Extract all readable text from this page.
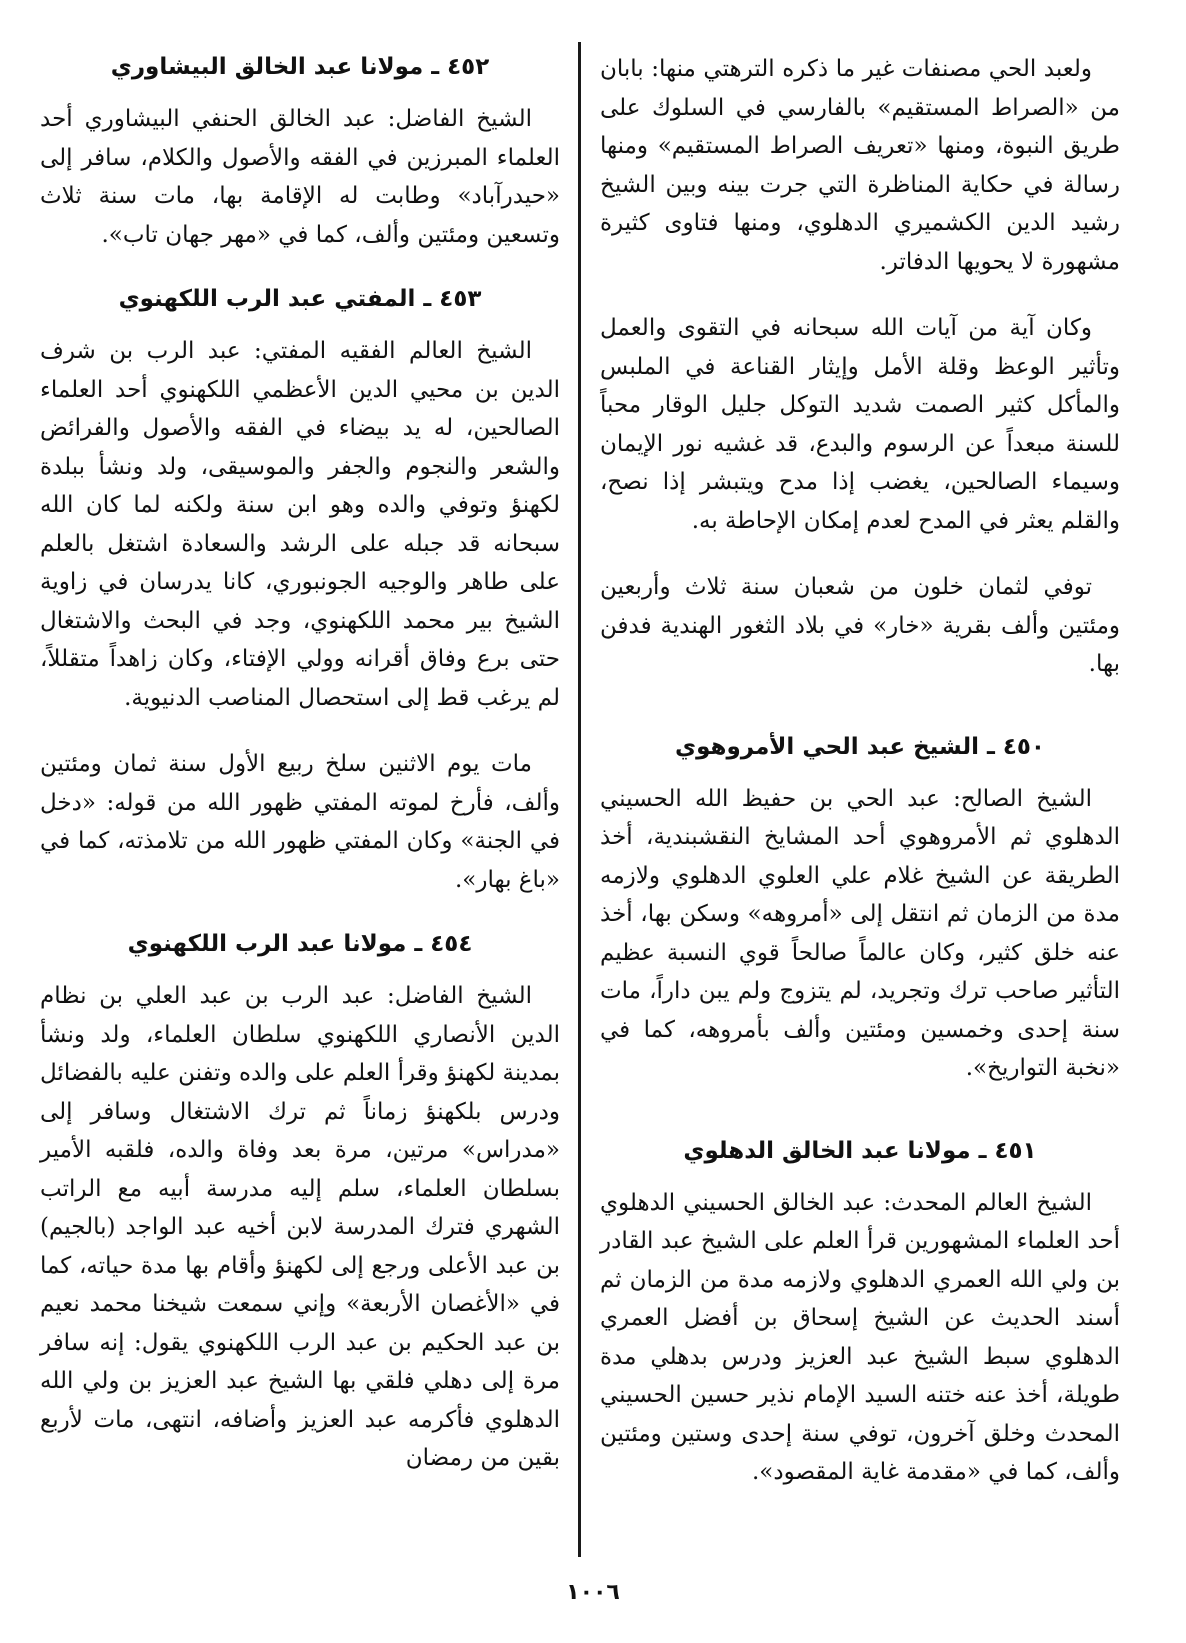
ولعبد الحي مصنفات غير ما ذكره الترهتي منها: بابان من «الصراط المستقيم» بالفارسي في السلوك على طريق النبوة، ومنها «تعريف الصراط المستقيم» ومنها رسالة في حكاية المناظرة التي جرت بينه وبين الشيخ رشيد الدين الكشميري الدهلوي، ومنها فتاوى كثيرة مشهورة لا يحويها الدفاتر.

وكان آية من آيات الله سبحانه في التقوى والعمل وتأثير الوعظ وقلة الأمل وإيثار القناعة في الملبس والمأكل كثير الصمت شديد التوكل جليل الوقار محباً للسنة مبعداً عن الرسوم والبدع، قد غشيه نور الإيمان وسيماء الصالحين، يغضب إذا مدح ويتبشر إذا نصح، والقلم يعثر في المدح لعدم إمكان الإحاطة به.

توفي لثمان خلون من شعبان سنة ثلاث وأربعين ومئتين وألف بقرية «خار» في بلاد الثغور الهندية فدفن بها.

٤٥٠ ـ الشيخ عبد الحي الأمروهوي

الشيخ الصالح: عبد الحي بن حفيظ الله الحسيني الدهلوي ثم الأمروهوي أحد المشايخ النقشبندية، أخذ الطريقة عن الشيخ غلام علي العلوي الدهلوي ولازمه مدة من الزمان ثم انتقل إلى «أمروهه» وسكن بها، أخذ عنه خلق كثير، وكان عالماً صالحاً قوي النسبة عظيم التأثير صاحب ترك وتجريد، لم يتزوج ولم يبن داراً، مات سنة إحدى وخمسين ومئتين وألف بأمروهه، كما في «نخبة التواريخ».

٤٥١ ـ مولانا عبد الخالق الدهلوي

الشيخ العالم المحدث: عبد الخالق الحسيني الدهلوي أحد العلماء المشهورين قرأ العلم على الشيخ عبد القادر بن ولي الله العمري الدهلوي ولازمه مدة من الزمان ثم أسند الحديث عن الشيخ إسحاق بن أفضل العمري الدهلوي سبط الشيخ عبد العزيز ودرس بدهلي مدة طويلة، أخذ عنه ختنه السيد الإمام نذير حسين الحسيني المحدث وخلق آخرون، توفي سنة إحدى وستين ومئتين وألف، كما في «مقدمة غاية المقصود».

٤٥٢ ـ مولانا عبد الخالق البيشاوري

الشيخ الفاضل: عبد الخالق الحنفي البيشاوري أحد العلماء المبرزين في الفقه والأصول والكلام، سافر إلى «حيدرآباد» وطابت له الإقامة بها، مات سنة ثلاث وتسعين ومئتين وألف، كما في «مهر جهان تاب».

٤٥٣ ـ المفتي عبد الرب اللكهنوي

الشيخ العالم الفقيه المفتي: عبد الرب بن شرف الدين بن محيي الدين الأعظمي اللكهنوي أحد العلماء الصالحين، له يد بيضاء في الفقه والأصول والفرائض والشعر والنجوم والجفر والموسيقى، ولد ونشأ ببلدة لكهنؤ وتوفي والده وهو ابن سنة ولكنه لما كان الله سبحانه قد جبله على الرشد والسعادة اشتغل بالعلم على طاهر والوجيه الجونبوري، كانا يدرسان في زاوية الشيخ بير محمد اللكهنوي، وجد في البحث والاشتغال حتى برع وفاق أقرانه وولي الإفتاء، وكان زاهداً متقللاً، لم يرغب قط إلى استحصال المناصب الدنيوية.

مات يوم الاثنين سلخ ربيع الأول سنة ثمان ومئتين وألف، فأرخ لموته المفتي ظهور الله من قوله: «دخل في الجنة» وكان المفتي ظهور الله من تلامذته، كما في «باغ بهار».

٤٥٤ ـ مولانا عبد الرب اللكهنوي

الشيخ الفاضل: عبد الرب بن عبد العلي بن نظام الدين الأنصاري اللكهنوي سلطان العلماء، ولد ونشأ بمدينة لكهنؤ وقرأ العلم على والده وتفنن عليه بالفضائل ودرس بلكهنؤ زماناً ثم ترك الاشتغال وسافر إلى «مدراس» مرتين، مرة بعد وفاة والده، فلقبه الأمير بسلطان العلماء، سلم إليه مدرسة أبيه مع الراتب الشهري فترك المدرسة لابن أخيه عبد الواجد (بالجيم) بن عبد الأعلى ورجع إلى لكهنؤ وأقام بها مدة حياته، كما في «الأغصان الأربعة» وإني سمعت شيخنا محمد نعيم بن عبد الحكيم بن عبد الرب اللكهنوي يقول: إنه سافر مرة إلى دهلي فلقي بها الشيخ عبد العزيز بن ولي الله الدهلوي فأكرمه عبد العزيز وأضافه، انتهى، مات لأربع بقين من رمضان

١٠٠٦
